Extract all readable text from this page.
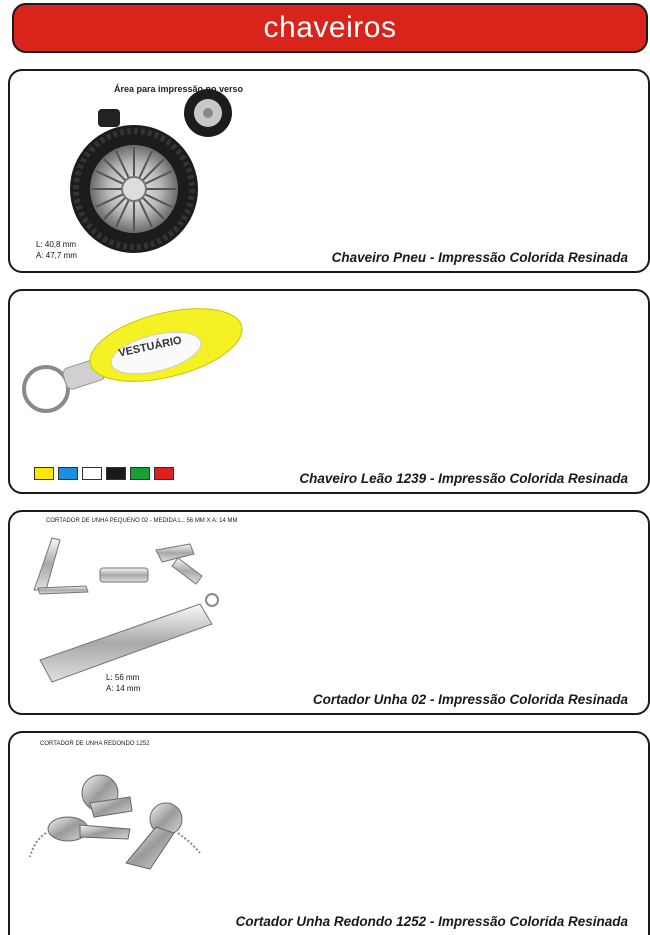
chaveiros
Área para impressão no verso
L: 40,8 mm
A: 47,7 mm	Chaveiro Pneu - Impressão Colorida Resinada
VESTUÁRIO
Chaveiro Leão 1239 - Impressão Colorida Resinada
CORTADOR DE UNHA PEQUENO 02 - MEDIDA L.: 56 MM X A: 14 MM
L: 56 mm
A: 14 mm
Cortador Unha 02 - Impressão Colorida Resinada
CORTADOR DE UNHA REDONDO 1252
Cortador Unha Redondo 1252 - Impressão Colorida Resinada
